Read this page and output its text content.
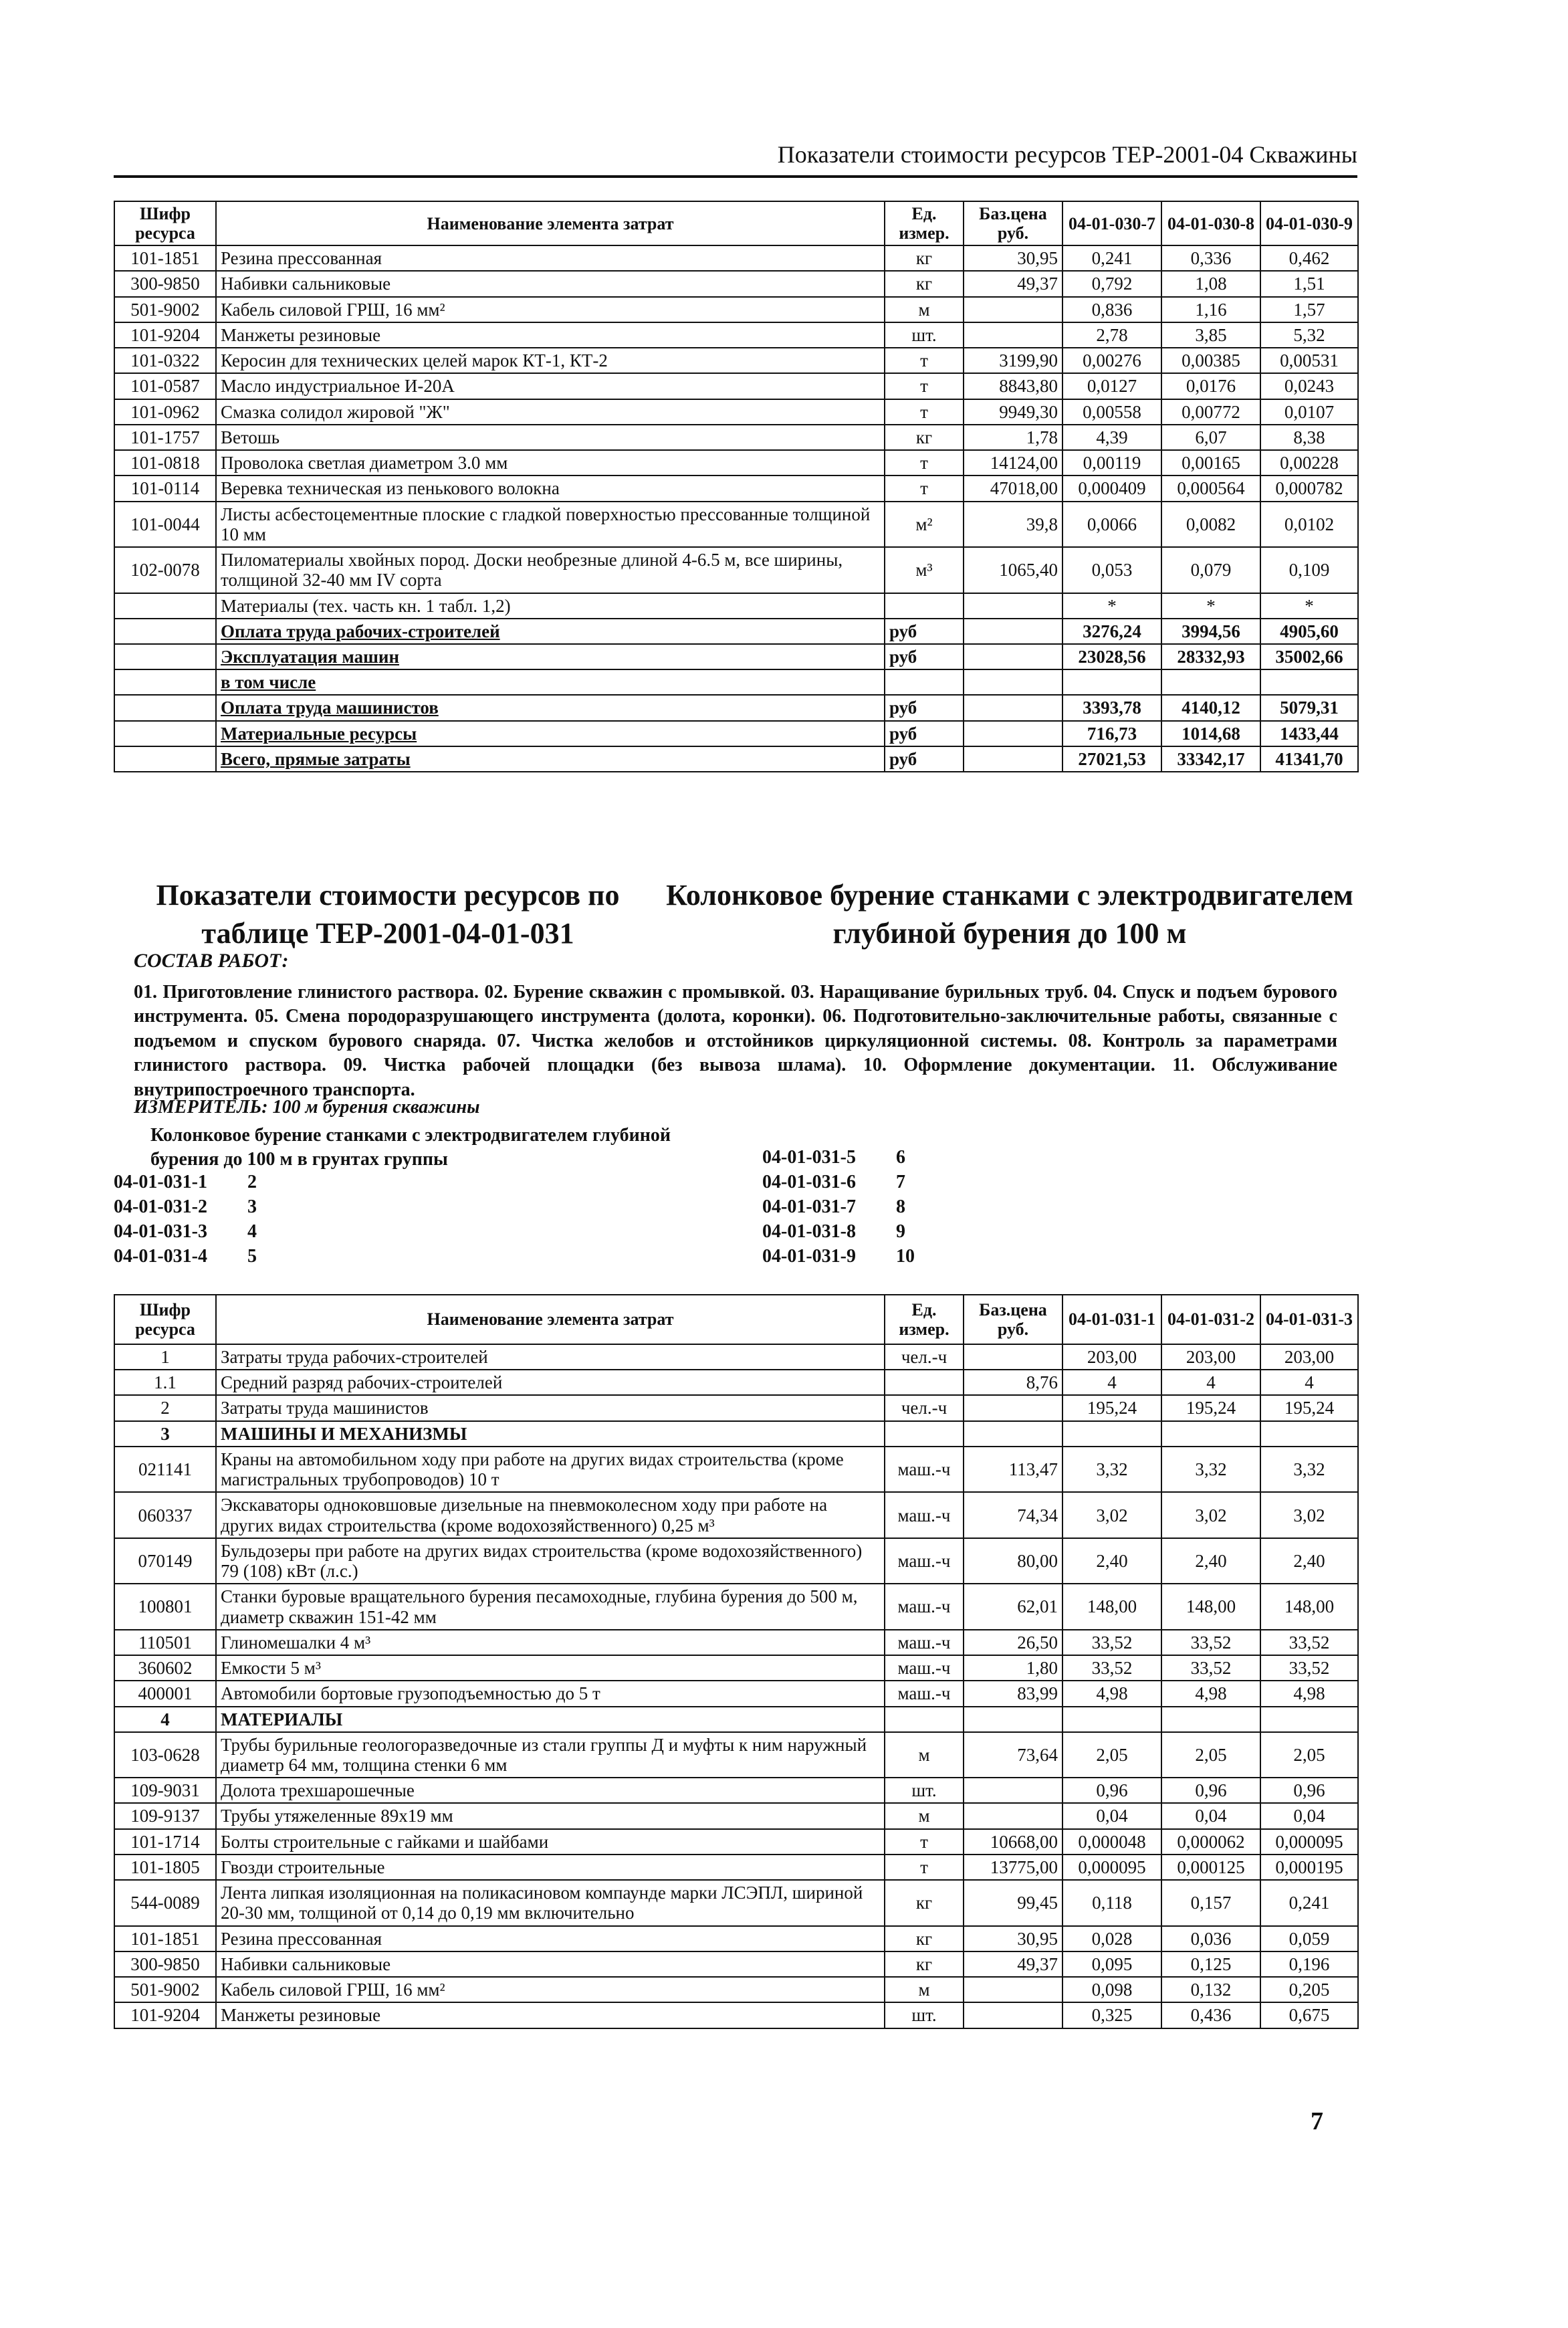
Показатели стоимости ресурсов ТЕР-2001-04 Скважины
Шифр ресурса	Наименование элемента затрат	Ед. измер.	Баз.цена руб.	04-01-030-7	04-01-030-8	04-01-030-9
101-1851	Резина прессованная	кг	30,95	0,241	0,336	0,462
300-9850	Набивки сальниковые	кг	49,37	0,792	1,08	1,51
501-9002	Кабель силовой ГРШ, 16 мм²	м		0,836	1,16	1,57
101-9204	Манжеты резиновые	шт.		2,78	3,85	5,32
101-0322	Керосин для технических целей марок КТ-1, КТ-2	т	3199,90	0,00276	0,00385	0,00531
101-0587	Масло индустриальное И-20А	т	8843,80	0,0127	0,0176	0,0243
101-0962	Смазка солидол жировой "Ж"	т	9949,30	0,00558	0,00772	0,0107
101-1757	Ветошь	кг	1,78	4,39	6,07	8,38
101-0818	Проволока светлая диаметром 3.0 мм	т	14124,00	0,00119	0,00165	0,00228
101-0114	Веревка техническая из пенькового волокна	т	47018,00	0,000409	0,000564	0,000782
101-0044	Листы асбестоцементные плоские с гладкой поверхностью прессованные толщиной 10 мм	м²	39,8	0,0066	0,0082	0,0102
102-0078	Пиломатериалы хвойных пород. Доски необрезные длиной 4-6.5 м, все ширины, толщиной 32-40 мм IV сорта	м³	1065,40	0,053	0,079	0,109
	Материалы (тех. часть кн. 1 табл. 1,2)			*	*	*
	Оплата труда рабочих-строителей	руб		3276,24	3994,56	4905,60
	Эксплуатация машин	руб		23028,56	28332,93	35002,66
	в том числе					
	Оплата труда машинистов	руб		3393,78	4140,12	5079,31
	Материальные ресурсы	руб		716,73	1014,68	1433,44
	Всего, прямые затраты	руб		27021,53	33342,17	41341,70
Показатели стоимости ресурсов по таблице ТЕР-2001-04-01-031
Колонковое бурение станками с электродвигателем глубиной бурения до 100 м
СОСТАВ РАБОТ:
01. Приготовление глинистого раствора. 02. Бурение скважин с промывкой. 03. Наращивание бурильных труб. 04. Спуск и подъем бурового инструмента. 05. Смена породоразрушающего инструмента (долота, коронки). 06. Подготовительно-заключительные работы, связанные с подъемом и спуском бурового снаряда. 07. Чистка желобов и отстойников циркуляционной системы. 08. Контроль за параметрами глинистого раствора. 09. Чистка рабочей площадки (без вывоза шлама). 10. Оформление документации. 11. Обслуживание внутрипостроечного транспорта.
ИЗМЕРИТЕЛЬ: 100 м бурения скважины
Колонковое бурение станками с электродвигателем глубиной бурения до 100 м в грунтах группы
04-01-031-1 2
04-01-031-2 3
04-01-031-3 4
04-01-031-4 5
04-01-031-5 6
04-01-031-6 7
04-01-031-7 8
04-01-031-8 9
04-01-031-9 10
Шифр ресурса	Наименование элемента затрат	Ед. измер.	Баз.цена руб.	04-01-031-1	04-01-031-2	04-01-031-3
1	Затраты труда рабочих-строителей	чел.-ч		203,00	203,00	203,00
1.1	Средний разряд рабочих-строителей		8,76	4	4	4
2	Затраты труда машинистов	чел.-ч		195,24	195,24	195,24
3	МАШИНЫ И МЕХАНИЗМЫ					
021141	Краны на автомобильном ходу при работе на других видах строительства (кроме магистральных трубопроводов) 10 т	маш.-ч	113,47	3,32	3,32	3,32
060337	Экскаваторы одноковшовые дизельные на пневмоколесном ходу при работе на других видах строительства (кроме водохозяйственного) 0,25 м³	маш.-ч	74,34	3,02	3,02	3,02
070149	Бульдозеры при работе на других видах строительства (кроме водохозяйственного) 79 (108) кВт (л.с.)	маш.-ч	80,00	2,40	2,40	2,40
100801	Станки буровые вращательного бурения песамоходные, глубина бурения до 500 м, диаметр скважин 151-42 мм	маш.-ч	62,01	148,00	148,00	148,00
110501	Глиномешалки 4 м³	маш.-ч	26,50	33,52	33,52	33,52
360602	Емкости 5 м³	маш.-ч	1,80	33,52	33,52	33,52
400001	Автомобили бортовые грузоподъемностью до 5 т	маш.-ч	83,99	4,98	4,98	4,98
4	МАТЕРИАЛЫ					
103-0628	Трубы бурильные геологоразведочные из стали группы Д и муфты к ним наружный диаметр 64 мм, толщина стенки 6 мм	м	73,64	2,05	2,05	2,05
109-9031	Долота трехшарошечные	шт.		0,96	0,96	0,96
109-9137	Трубы утяжеленные 89х19 мм	м		0,04	0,04	0,04
101-1714	Болты строительные с гайками и шайбами	т	10668,00	0,000048	0,000062	0,000095
101-1805	Гвозди строительные	т	13775,00	0,000095	0,000125	0,000195
544-0089	Лента липкая изоляционная на поликасиновом компаунде марки ЛСЭПЛ, шириной 20-30 мм, толщиной от 0,14 до 0,19 мм включительно	кг	99,45	0,118	0,157	0,241
101-1851	Резина прессованная	кг	30,95	0,028	0,036	0,059
300-9850	Набивки сальниковые	кг	49,37	0,095	0,125	0,196
501-9002	Кабель силовой ГРШ, 16 мм²	м		0,098	0,132	0,205
101-9204	Манжеты резиновые	шт.		0,325	0,436	0,675
7
